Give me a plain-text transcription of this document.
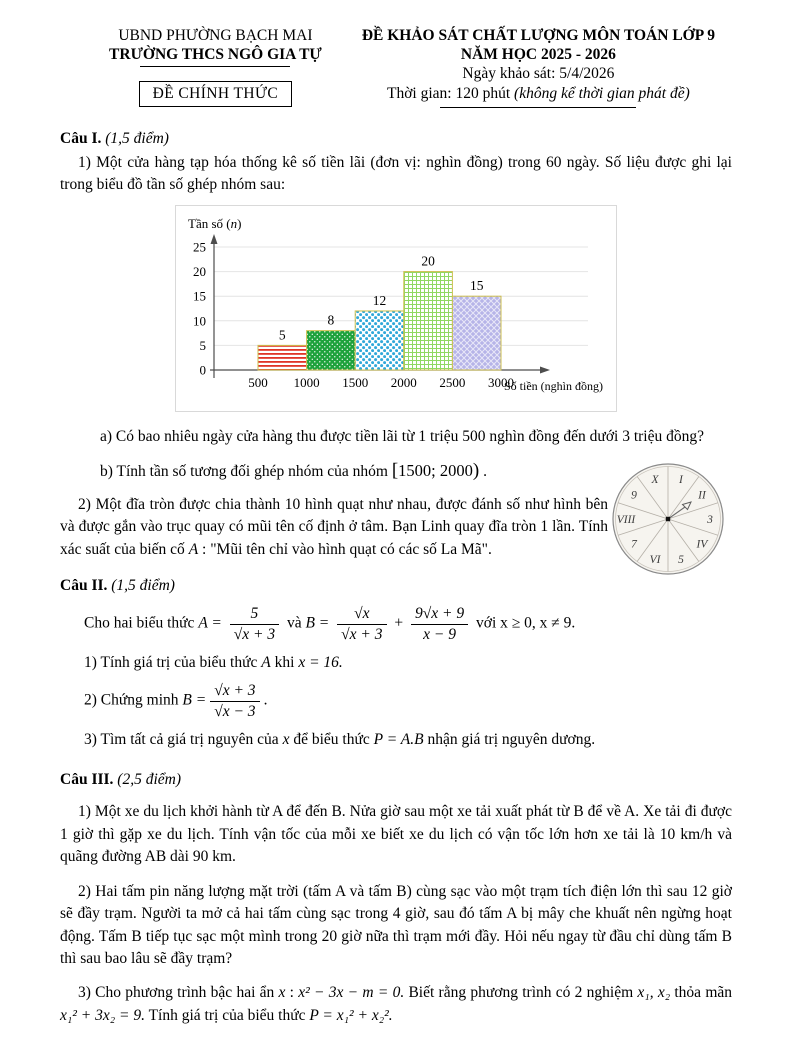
UBND PHƯỜNG BẠCH MAI
TRƯỜNG THCS NGÔ GIA TỰ
ĐỀ CHÍNH THỨC
ĐỀ KHẢO SÁT CHẤT LƯỢNG MÔN TOÁN LỚP 9
NĂM HỌC 2025 - 2026
Ngày khảo sát: 5/4/2026
Thời gian: 120 phút (không kể thời gian phát đề)

Câu I. (1,5 điểm)

1) Một cửa hàng tạp hóa thống kê số tiền lãi (đơn vị: nghìn đồng) trong 60 ngày. Số liệu được ghi lại trong biểu đồ tần số ghép nhóm sau:

0
5
10
15
20
25
500 1000 1500 2000 2500 3000
Tần số (n)
Số tiền (nghìn đồng)
5
8
12
20
15

a) Có bao nhiêu ngày cửa hàng thu được tiền lãi từ 1 triệu 500 nghìn đồng đến dưới 3 triệu đồng?

b) Tính tần số tương đối ghép nhóm của nhóm [1500; 2000) .

2) Một đĩa tròn được chia thành 10 hình quạt như nhau, được đánh số như hình bên và được gắn vào trục quay có mũi tên cố định ở tâm. Bạn Linh quay đĩa tròn 1 lần. Tính xác suất của biến cố A : "Mũi tên chỉ vào hình quạt có các số La Mã".

I
II
3
IV
5
VI
7
VIII
9
X

Câu II. (1,5 điểm)

Cho hai biểu thức $A = \frac{5}{√x + 3}$ và $B = \frac{√x}{√x + 3} + \frac{9√x + 9}{x - 9}$ với x ≥ 0, x ≠ 9.

1) Tính giá trị của biểu thức A khi x = 16.

2) Chứng minh $B = \frac{√x + 3}{√x - 3}$ .

3) Tìm tất cả giá trị nguyên của x để biểu thức P = A.B nhận giá trị nguyên dương.

Câu III. (2,5 điểm)

1) Một xe du lịch khởi hành từ A để đến B. Nửa giờ sau một xe tải xuất phát từ B để về A. Xe tải đi được 1 giờ thì gặp xe du lịch. Tính vận tốc của mỗi xe biết xe du lịch có vận tốc lớn hơn xe tải là 10 km/h và quãng đường AB dài 90 km.

2) Hai tấm pin năng lượng mặt trời (tấm A và tấm B) cùng sạc vào một trạm tích điện lớn thì sau 12 giờ sẽ đầy trạm. Người ta mở cả hai tấm cùng sạc trong 4 giờ, sau đó tấm A bị mây che khuất nên ngừng hoạt động. Tấm B tiếp tục sạc một mình trong 20 giờ nữa thì trạm mới đầy. Hỏi nếu ngay từ đầu chỉ dùng tấm B thì sau bao lâu sẽ đầy trạm?

3) Cho phương trình bậc hai ẩn x : x² − 3x − m = 0. Biết rằng phương trình có 2 nghiệm x₁, x₂ thỏa mãn x₁² + 3x₂ = 9. Tính giá trị của biểu thức P = x₁² + x₂².
